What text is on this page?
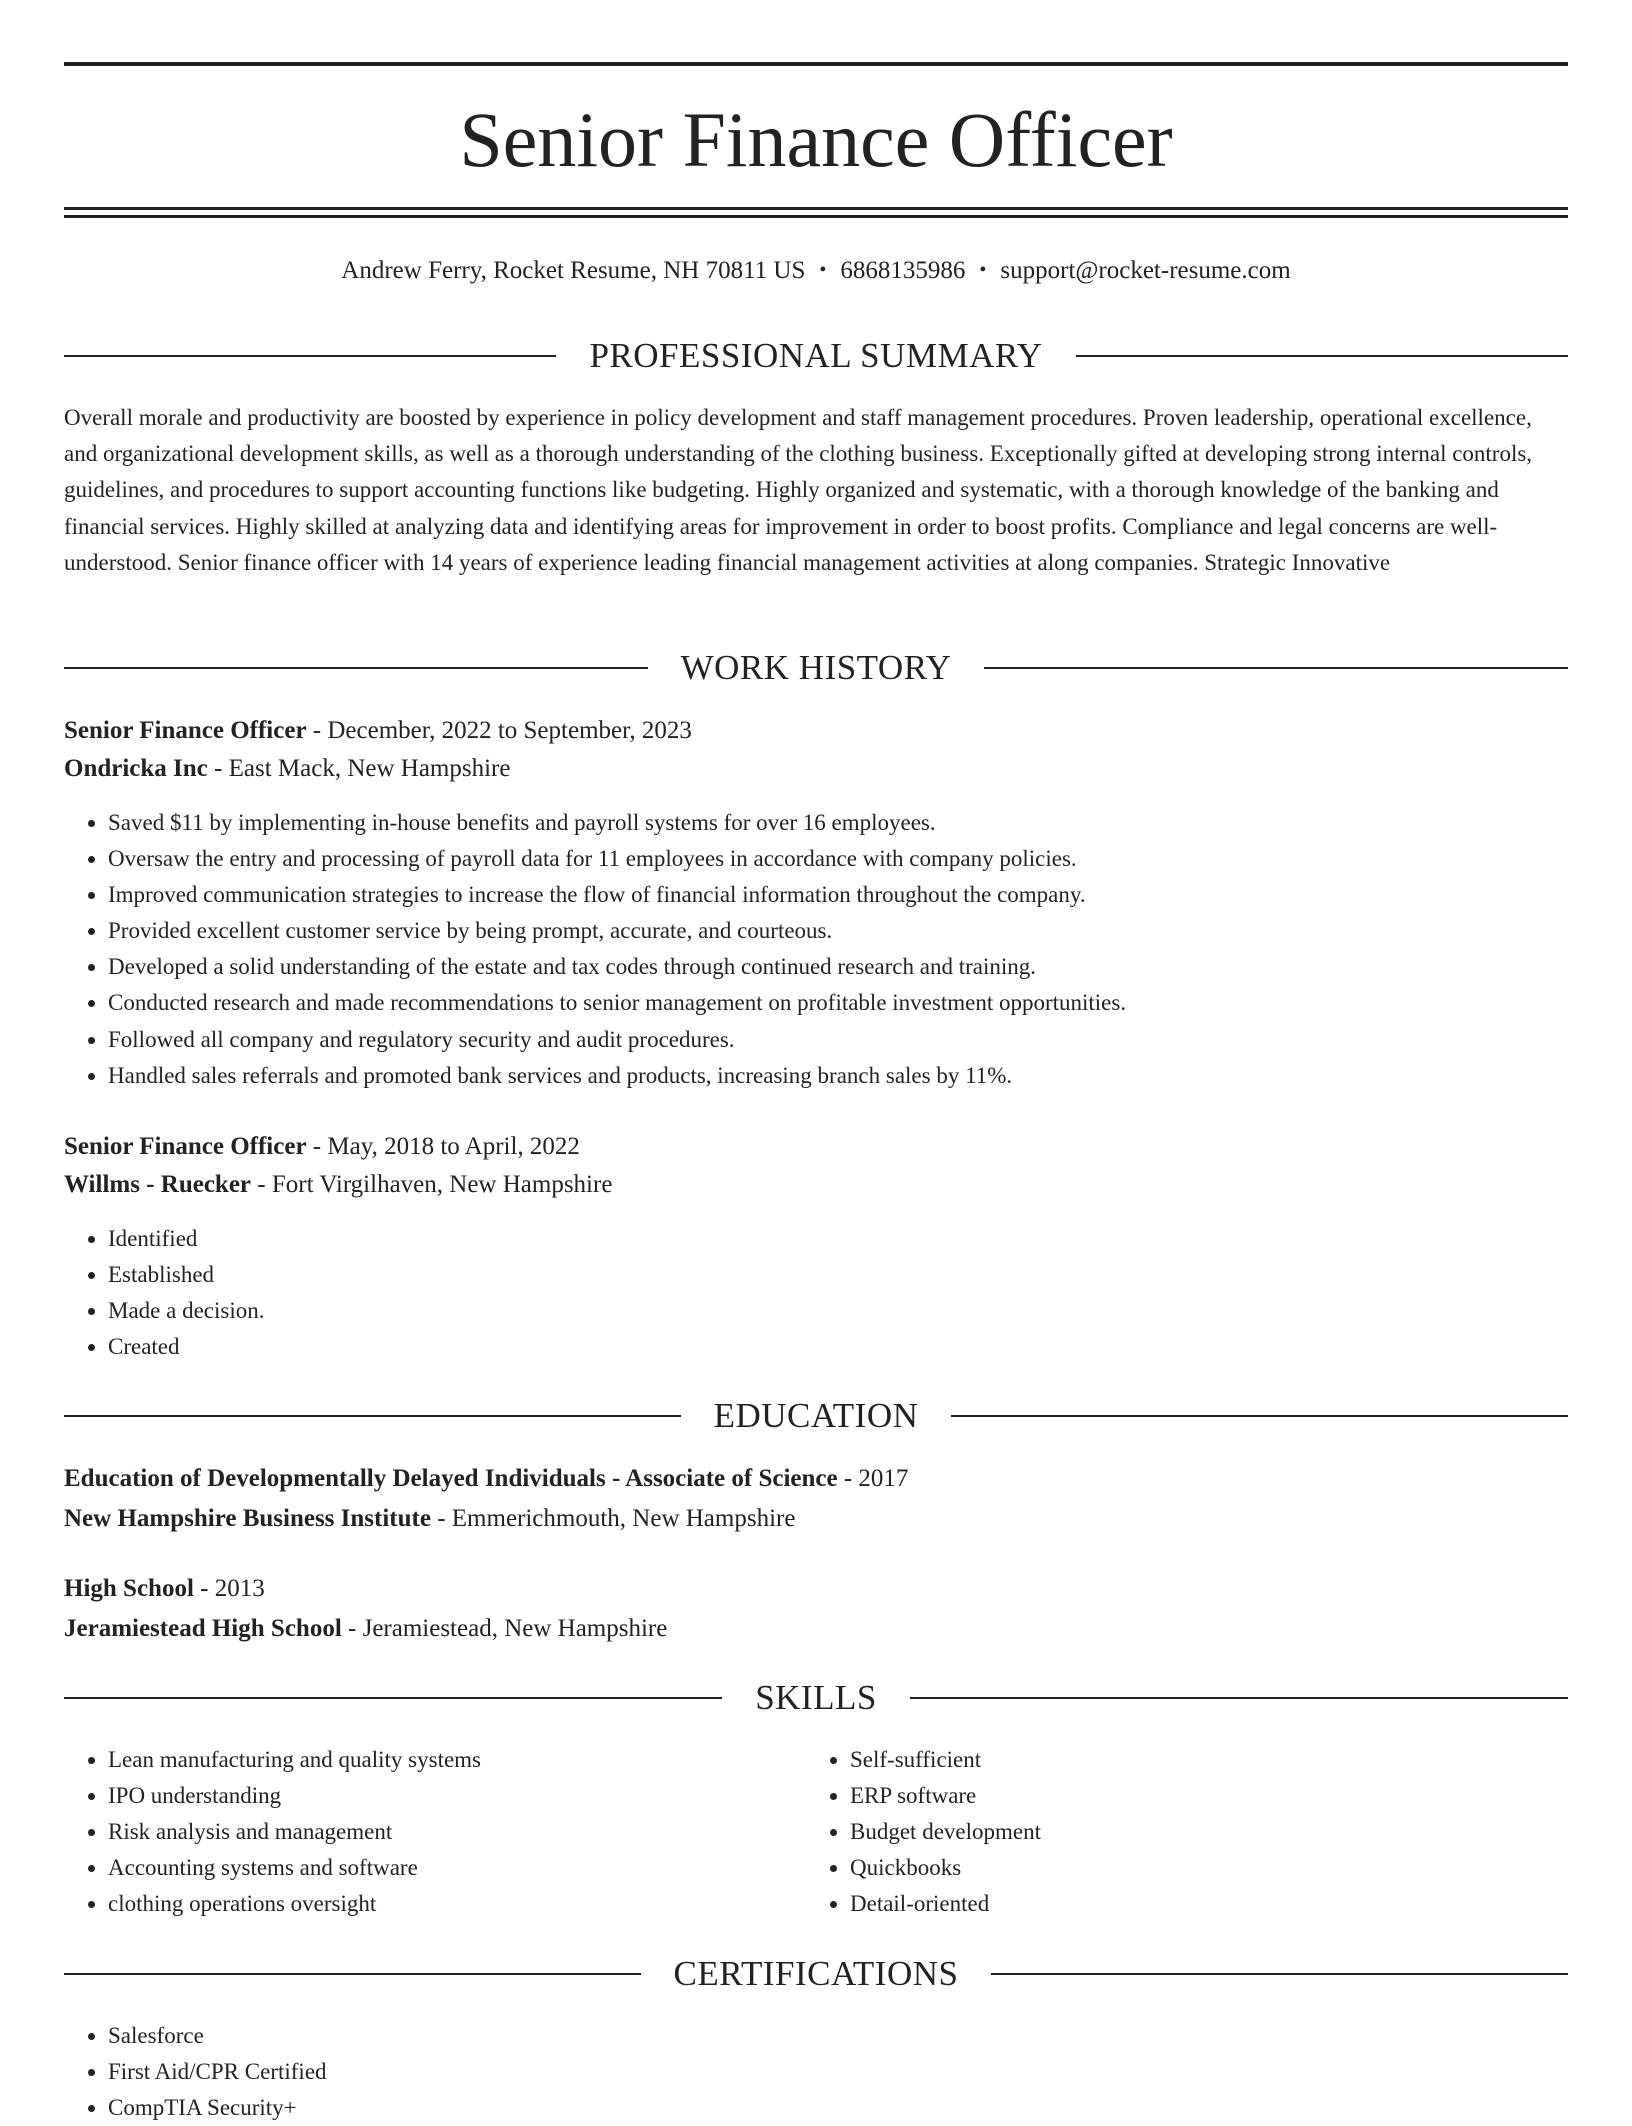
Senior Finance Officer
Andrew Ferry, Rocket Resume, NH 70811 US • 6868135986 • support@rocket-resume.com
PROFESSIONAL SUMMARY

Overall morale and productivity are boosted by experience in policy development and staff management procedures. Proven leadership, operational excellence, and organizational development skills, as well as a thorough understanding of the clothing business. Exceptionally gifted at developing strong internal controls, guidelines, and procedures to support accounting functions like budgeting. Highly organized and systematic, with a thorough knowledge of the banking and financial services. Highly skilled at analyzing data and identifying areas for improvement in order to boost profits. Compliance and legal concerns are well-understood. Senior finance officer with 14 years of experience leading financial management activities at along companies. Strategic Innovative

WORK HISTORY
Senior Finance Officer - December, 2022 to September, 2023
Ondricka Inc - East Mack, New Hampshire
• Saved $11 by implementing in-house benefits and payroll systems for over 16 employees.
• Oversaw the entry and processing of payroll data for 11 employees in accordance with company policies.
• Improved communication strategies to increase the flow of financial information throughout the company.
• Provided excellent customer service by being prompt, accurate, and courteous.
• Developed a solid understanding of the estate and tax codes through continued research and training.
• Conducted research and made recommendations to senior management on profitable investment opportunities.
• Followed all company and regulatory security and audit procedures.
• Handled sales referrals and promoted bank services and products, increasing branch sales by 11%.
Senior Finance Officer - May, 2018 to April, 2022
Willms - Ruecker - Fort Virgilhaven, New Hampshire
• Identified
• Established
• Made a decision.
• Created
EDUCATION
Education of Developmentally Delayed Individuals - Associate of Science - 2017
New Hampshire Business Institute - Emmerichmouth, New Hampshire
High School - 2013
Jeramiestead High School - Jeramiestead, New Hampshire
SKILLS
• Lean manufacturing and quality systems
• IPO understanding
• Risk analysis and management
• Accounting systems and software
• clothing operations oversight
• Self-sufficient
• ERP software
• Budget development
• Quickbooks
• Detail-oriented
CERTIFICATIONS
• Salesforce
• First Aid/CPR Certified
• CompTIA Security+
